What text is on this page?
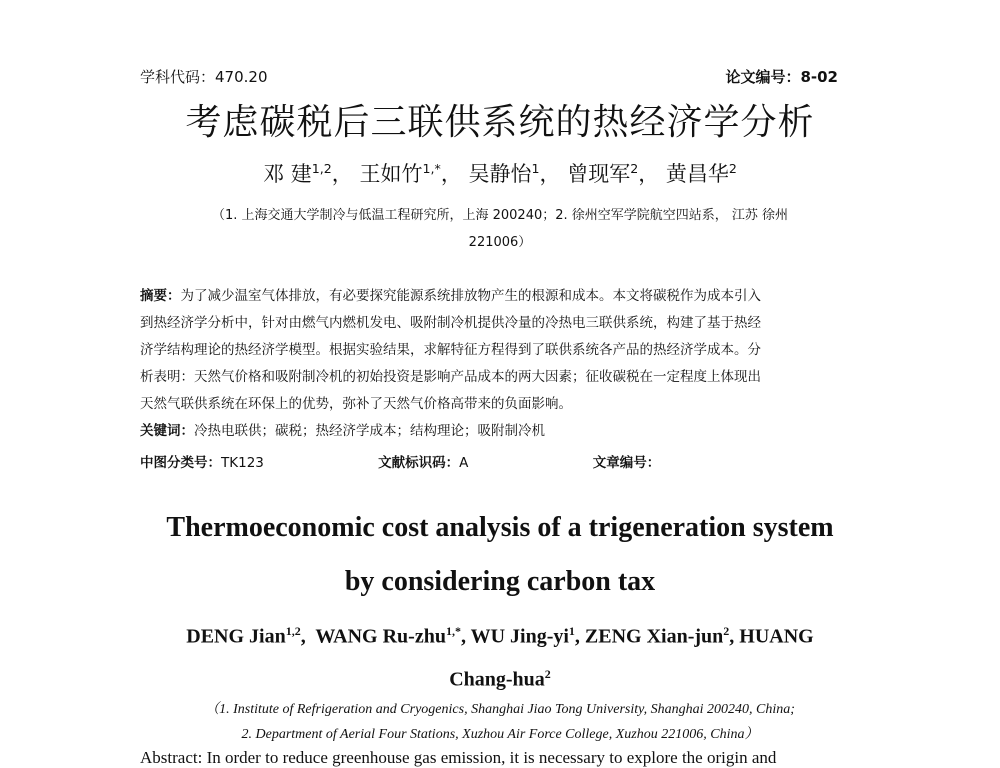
学科代码：470.20	论文编号：8-02
考虑碳税后三联供系统的热经济学分析
邓 建$^{1,2}$， 王如竹$^{1,*}$， 吴静怡$^1$， 曾现军$^2$， 黄昌华$^2$
（1. 上海交通大学制冷与低温工程研究所，上海 200240；2. 徐州空军学院航空四站系， 江苏 徐州
221006）
摘要：为了减少温室气体排放，有必要探究能源系统排放物产生的根源和成本。本文将碳税作为成本引入
到热经济学分析中，针对由燃气内燃机发电、吸附制冷机提供冷量的冷热电三联供系统，构建了基于热经
济学结构理论的热经济学模型。根据实验结果，求解特征方程得到了联供系统各产品的热经济学成本。分
析表明：天然气价格和吸附制冷机的初始投资是影响产品成本的两大因素；征收碳税在一定程度上体现出
天然气联供系统在环保上的优势，弥补了天然气价格高带来的负面影响。
关键词：冷热电联供；碳税；热经济学成本；结构理论；吸附制冷机
中图分类号：TK123	文献标识码：A	文章编号：
Thermoeconomic cost analysis of a trigeneration system
by considering carbon tax
DENG Jian$^{1,2}$,  WANG Ru-zhu$^{1,*}$, WU Jing-$yi^1$, ZENG Xian-jun$^2$, HUANG
Chang-hua$^2$
（1. Institute of Refrigeration and Cryogenics, Shanghai Jiao Tong University, Shanghai 200240, China;
2. Department of Aerial Four Stations, Xuzhou Air Force College, Xuzhou 221006, China）
Abstract: In order to reduce greenhouse gas emission, it is necessary to explore the origin and
